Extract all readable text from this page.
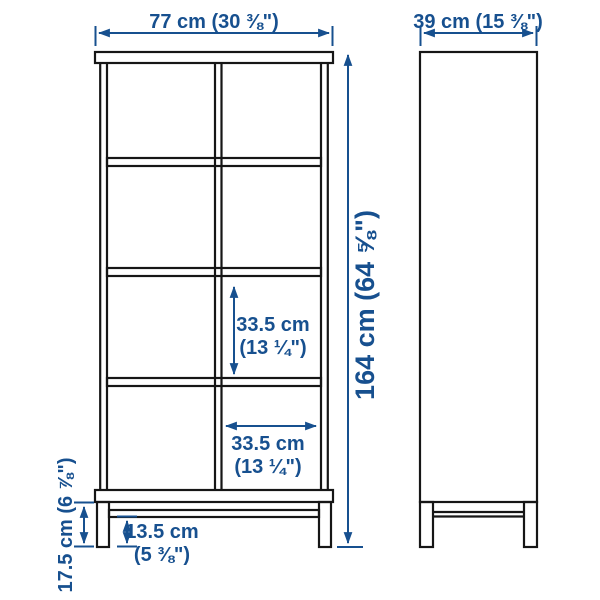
77 cm (30 ⅜")	39 cm (15 ⅜")
164 cm (64 ⅝")
33.5 cm
(13 ¼")
33.5 cm
(13 ¼")
17.5 cm (6 ⅞") 13.5 cm
(5 ⅜")
